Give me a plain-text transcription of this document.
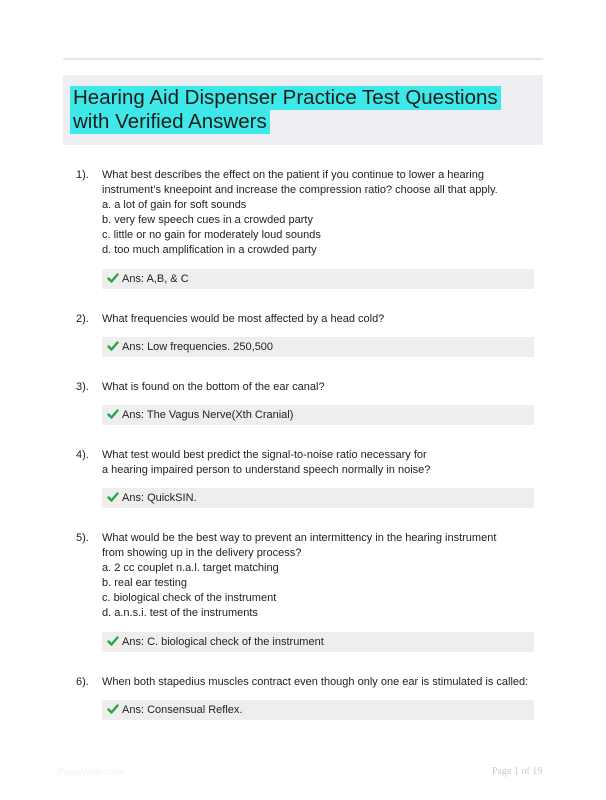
Hearing Aid Dispenser Practice Test Questions with Verified Answers
1). What best describes the effect on the patient if you continue to lower a hearing
instrument's kneepoint and increase the compression ratio? choose all that apply.
a. a lot of gain for soft sounds
b. very few speech cues in a crowded party
c. little or no gain for moderately loud sounds
d. too much amplification in a crowded party
Ans: A,B, & C
2). What frequencies would be most affected by a head cold?
Ans: Low frequencies. 250,500
3). What is found on the bottom of the ear canal?
Ans: The Vagus Nerve(Xth Cranial)
4). What test would best predict the signal-to-noise ratio necessary for
a hearing impaired person to understand speech normally in noise?
Ans: QuickSIN.
5). What would be the best way to prevent an intermittency in the hearing instrument
from showing up in the delivery process?
a. 2 cc couplet n.a.l. target matching
b. real ear testing
c. biological check of the instrument
d. a.n.s.i. test of the instruments
Ans: C. biological check of the instrument
6). When both stapedius muscles contract even though only one ear is stimulated is called:
Ans: Consensual Reflex.
PaperWriter.com	Page 1 of 19
